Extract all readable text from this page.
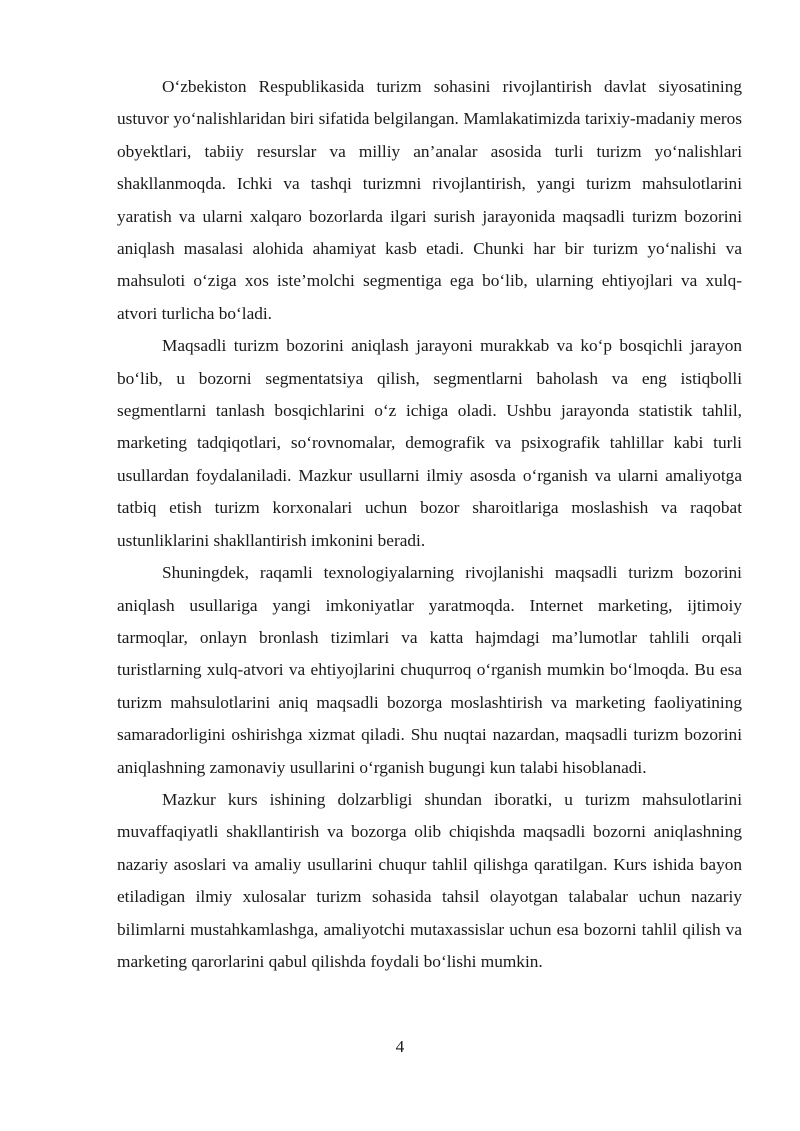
O‘zbekiston Respublikasida turizm sohasini rivojlantirish davlat siyosatining ustuvor yo‘nalishlaridan biri sifatida belgilangan. Mamlakatimizda tarixiy-madaniy meros obyektlari, tabiiy resurslar va milliy an’analar asosida turli turizm yo‘nalishlari shakllanmoqda. Ichki va tashqi turizmni rivojlantirish, yangi turizm mahsulotlarini yaratish va ularni xalqaro bozorlarda ilgari surish jarayonida maqsadli turizm bozorini aniqlash masalasi alohida ahamiyat kasb etadi. Chunki har bir turizm yo‘nalishi va mahsuloti o‘ziga xos iste’molchi segmentiga ega bo‘lib, ularning ehtiyojlari va xulq-atvori turlicha bo‘ladi.

Maqsadli turizm bozorini aniqlash jarayoni murakkab va ko‘p bosqichli jarayon bo‘lib, u bozorni segmentatsiya qilish, segmentlarni baholash va eng istiqbolli segmentlarni tanlash bosqichlarini o‘z ichiga oladi. Ushbu jarayonda statistik tahlil, marketing tadqiqotlari, so‘rovnomalar, demografik va psixografik tahlillar kabi turli usullardan foydalaniladi. Mazkur usullarni ilmiy asosda o‘rganish va ularni amaliyotga tatbiq etish turizm korxonalari uchun bozor sharoitlariga moslashish va raqobat ustunliklarini shakllantirish imkonini beradi.

Shuningdek, raqamli texnologiyalarning rivojlanishi maqsadli turizm bozorini aniqlash usullariga yangi imkoniyatlar yaratmoqda. Internet marketing, ijtimoiy tarmoqlar, onlayn bronlash tizimlari va katta hajmdagi ma’lumotlar tahlili orqali turistlarning xulq-atvori va ehtiyojlarini chuqurroq o‘rganish mumkin bo‘lmoqda. Bu esa turizm mahsulotlarini aniq maqsadli bozorga moslashtirish va marketing faoliyatining samaradorligini oshirishga xizmat qiladi. Shu nuqtai nazardan, maqsadli turizm bozorini aniqlashning zamonaviy usullarini o‘rganish bugungi kun talabi hisoblanadi.

Mazkur kurs ishining dolzarbligi shundan iboratki, u turizm mahsulotlarini muvaffaqiyatli shakllantirish va bozorga olib chiqishda maqsadli bozorni aniqlashning nazariy asoslari va amaliy usullarini chuqur tahlil qilishga qaratilgan. Kurs ishida bayon etiladigan ilmiy xulosalar turizm sohasida tahsil olayotgan talabalar uchun nazariy bilimlarni mustahkamlashga, amaliyotchi mutaxassislar uchun esa bozorni tahlil qilish va marketing qarorlarini qabul qilishda foydali bo‘lishi mumkin.

4
